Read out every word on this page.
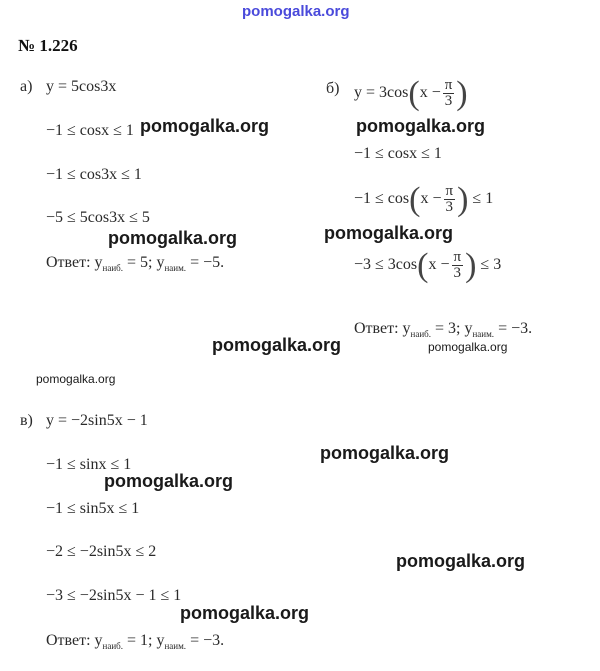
pomogalka.org
№ 1.226
а) y = 5cos3x
−1 ≤ cosx ≤ 1
−1 ≤ cos3x ≤ 1
−5 ≤ 5cos3x ≤ 5
Ответ: $y_{наиб.} = 5$; $y_{наим.} = -5$.
б) $y = 3\cos(x - \frac{\pi}{3}$ )
−1 ≤ cosx ≤ 1
$-1 \le \cos(x - \frac{\pi}{3}$ ) ≤ 1
$-3 \le 3\cos(x - \frac{\pi}{3}$ ) ≤ 3
Ответ: $y_{наиб.} = 3$; $y_{наим.} = -3$.
в) y = −2sin5x − 1
−1 ≤ sinx ≤ 1
−1 ≤ sin5x ≤ 1
−2 ≤ −2sin5x ≤ 2
−3 ≤ −2sin5x − 1 ≤ 1
Ответ: $y_{наиб.} = 1$; $y_{наим.} = -3$.
pomogalka.org	pomogalka.org
pomogalka.org	pomogalka.org
pomogalka.org	pomogalka.org
pomogalka.org
pomogalka.org
pomogalka.org
pomogalka.org
pomogalka.org
